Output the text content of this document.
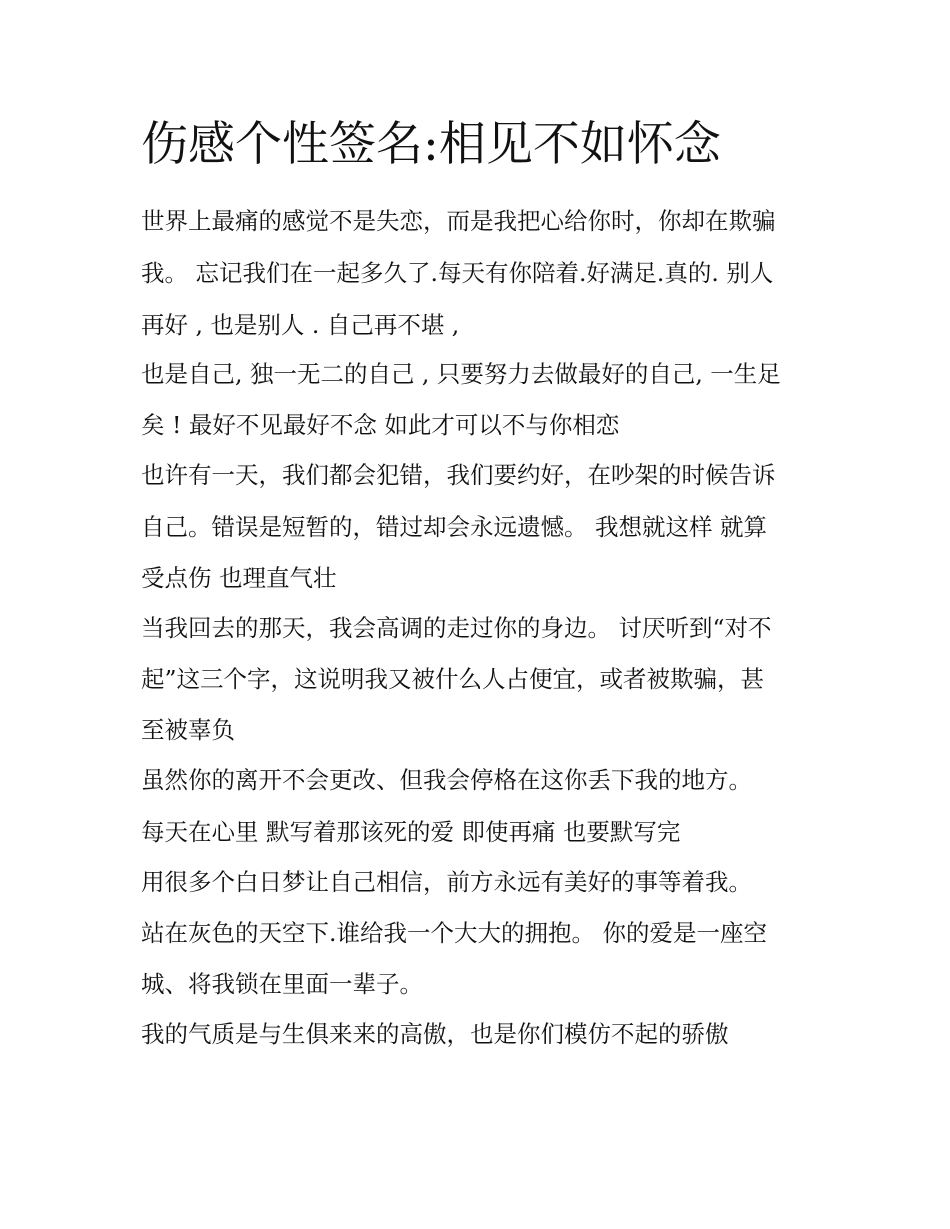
伤感个性签名:相见不如怀念

世界上最痛的感觉不是失恋，而是我把心给你时，你却在欺骗

我。 忘记我们在一起多久了.每天有你陪着.好满足.真的. 别人

再好 , 也是别人 . 自己再不堪 ,

也是自己, 独一无二的自己 , 只要努力去做最好的自己, 一生足

矣 ! 最好不见最好不念 如此才可以不与你相恋

也许有一天，我们都会犯错，我们要约好，在吵架的时候告诉

自己。错误是短暂的，错过却会永远遗憾。 我想就这样 就算

受点伤 也理直气壮

当我回去的那天，我会高调的走过你的身边。 讨厌听到“对不

起”这三个字，这说明我又被什么人占便宜，或者被欺骗，甚

至被辜负

虽然你的离开不会更改、但我会停格在这你丢下我的地方。

每天在心里 默写着那该死的爱 即使再痛 也要默写完

用很多个白日梦让自己相信，前方永远有美好的事等着我。

站在灰色的天空下.谁给我一个大大的拥抱。 你的爱是一座空

城、将我锁在里面一辈子。

我的气质是与生俱来来的高傲，也是你们模仿不起的骄傲
